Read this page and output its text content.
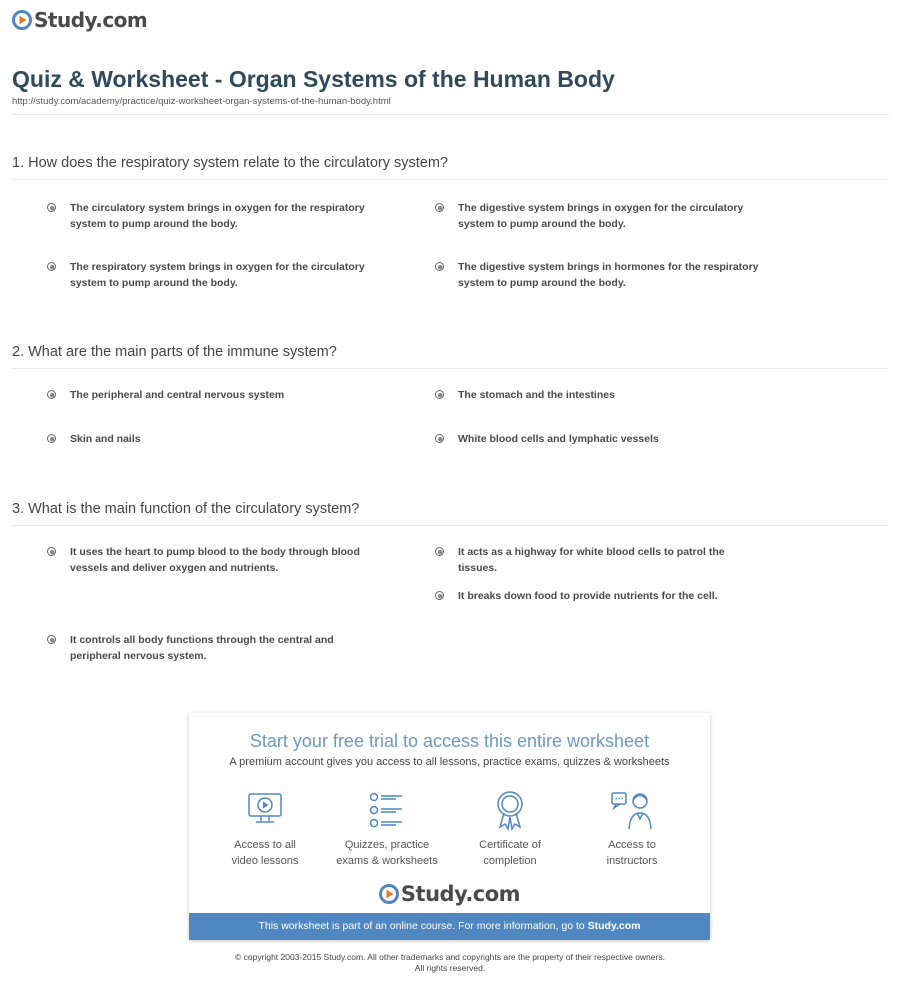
Study.com
Quiz & Worksheet - Organ Systems of the Human Body
http://study.com/academy/practice/quiz-worksheet-organ-systems-of-the-human-body.html
1. How does the respiratory system relate to the circulatory system?
The circulatory system brings in oxygen for the respiratory system to pump around the body.
The digestive system brings in oxygen for the circulatory system to pump around the body.
The respiratory system brings in oxygen for the circulatory system to pump around the body.
The digestive system brings in hormones for the respiratory system to pump around the body.
2. What are the main parts of the immune system?
The peripheral and central nervous system	The stomach and the intestines
Skin and nails	White blood cells and lymphatic vessels
3. What is the main function of the circulatory system?
It uses the heart to pump blood to the body through blood vessels and deliver oxygen and nutrients.
It acts as a highway for white blood cells to patrol the tissues.
It breaks down food to provide nutrients for the cell.
It controls all body functions through the central and peripheral nervous system.
Start your free trial to access this entire worksheet
A premium account gives you access to all lessons, practice exams, quizzes & worksheets
Access to all
video lessons
Quizzes, practice
exams & worksheets
Certificate of
completion
Access to
instructors
Study.com
This worksheet is part of an online course. For more information, go to Study.com
© copyright 2003-2015 Study.com. All other trademarks and copyrights are the property of their respective owners.
All rights reserved.
